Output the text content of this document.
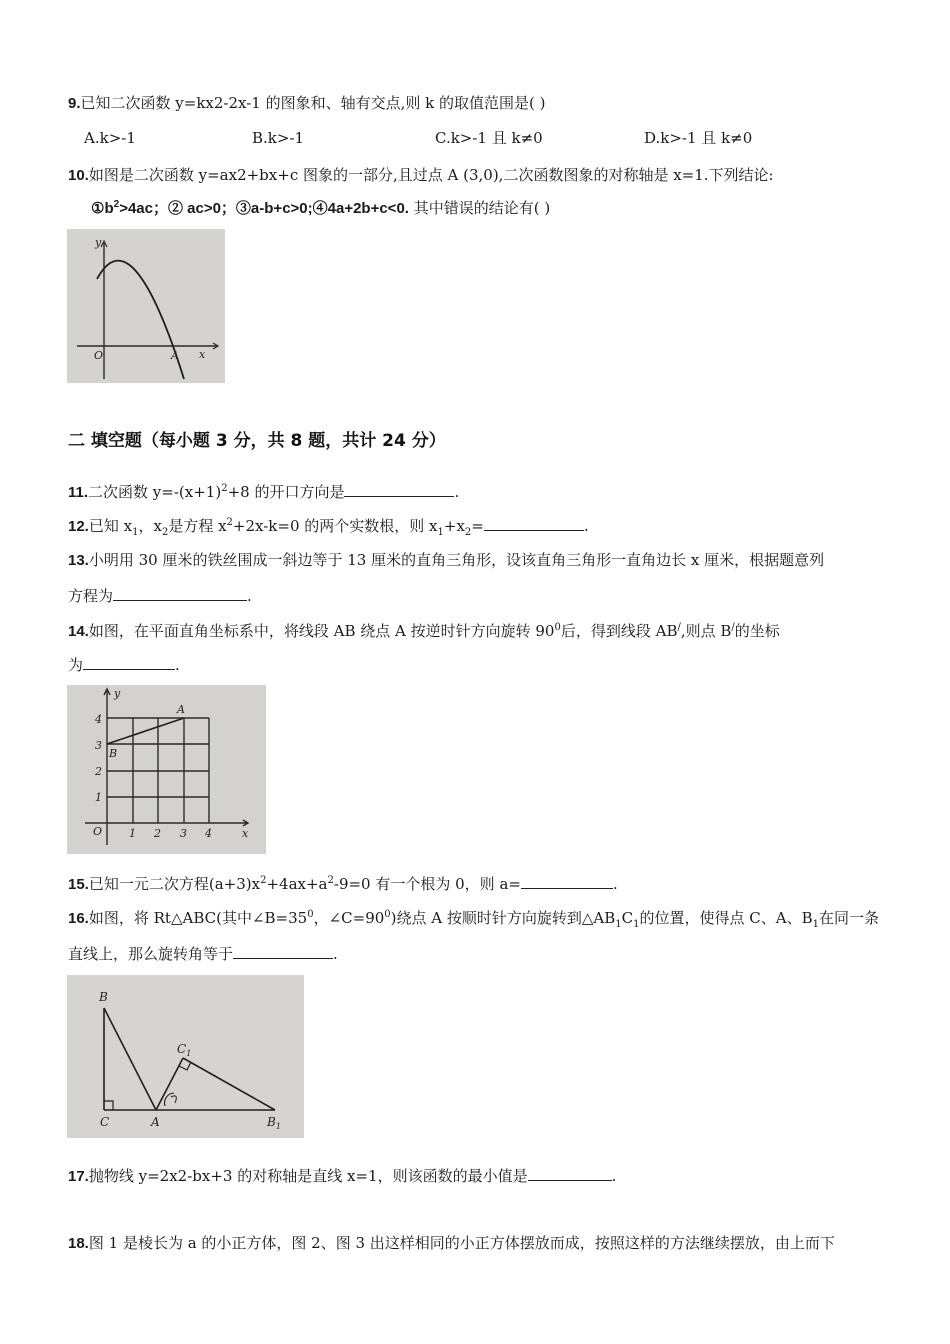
9.已知二次函数 y=kx2-2x-1 的图象和、轴有交点,则 k 的取值范围是( )
A.k>-1	B.k>-1	C.k>-1 且 k≠0	D.k>-1 且 k≠0
10.如图是二次函数 y=ax2+bx+c 图象的一部分,且过点 A (3,0),二次函数图象的对称轴是 x=1.下列结论:
$①b^2>4ac$；② ac>0；③a-b+c>0;④4a+2b+c<0. 其中错误的结论有( )
y
O	A x
二 填空题（每小题 3 分，共 8 题，共计 24 分）
11.二次函数 $y=-(x+1)^2+8$ 的开口方向是	.
12.已知 $x_1$，$x_2$是方程 $x^2+2x-k=0$ 的两个实数根，则 $x_1+x_2=$	.
13.小明用 30 厘米的铁丝围成一斜边等于 13 厘米的直角三角形，设该直角三角形一直角边长 x 厘米，根据题意列
方程为	.
14.如图，在平面直角坐标系中，将线段 AB 绕点 A 按逆时针方向旋转 $90^0$后，得到线段 AB/,则点 B/的坐标
为	.
y
x
O
A
B
1 2 3 4
1
2
3
4
15.已知一元二次方程$(a+3)x^2+4ax+a^2-9=0$ 有一个根为 0，则 a=	.
16.如图，将 Rt△ABC(其中$\angle B=35^0$，$\angle C=90^0$)绕点 A 按顺时针方向旋转到$\triangle AB_1C_1$的位置，使得点 C、A、$B_1$在同一条
直线上，那么旋转角等于	.
B
C	A
$C_1$
$B_1$
17.抛物线 y=2x2-bx+3 的对称轴是直线 x=1，则该函数的最小值是	.
18.图 1 是棱长为 a 的小正方体，图 2、图 3 出这样相同的小正方体摆放而成，按照这样的方法继续摆放，由上而下
